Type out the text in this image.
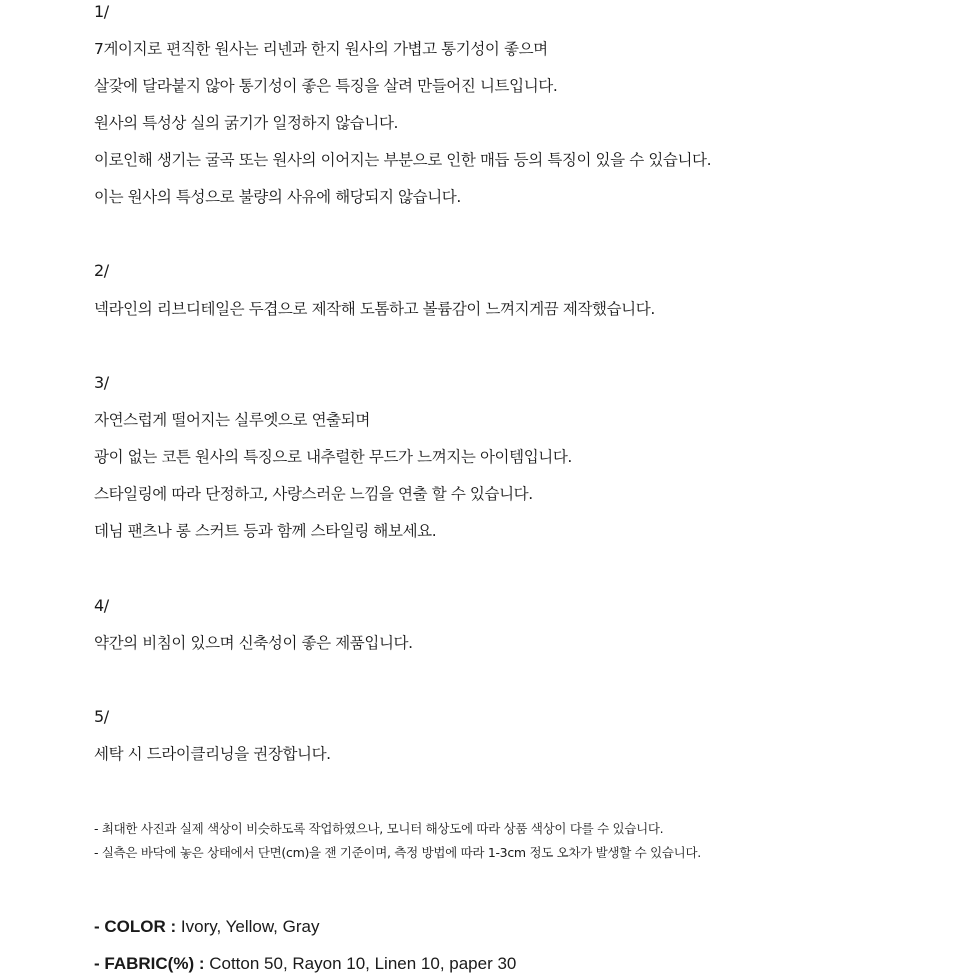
1/
7게이지로 편직한 원사는 리넨과 한지 원사의 가볍고 통기성이 좋으며
살갗에 달라붙지 않아 통기성이 좋은 특징을 살려 만들어진 니트입니다.
원사의 특성상 실의 굵기가 일정하지 않습니다.
이로인해 생기는 굴곡 또는 원사의 이어지는 부분으로 인한 매듭 등의 특징이 있을 수 있습니다.
이는 원사의 특성으로 불량의 사유에 해당되지 않습니다.
2/
넥라인의 리브디테일은 두겹으로 제작해 도톰하고 볼륨감이 느껴지게끔 제작했습니다.
3/
자연스럽게 떨어지는 실루엣으로 연출되며
광이 없는 코튼 원사의 특징으로 내추럴한 무드가 느껴지는 아이템입니다.
스타일링에 따라 단정하고, 사랑스러운 느낌을 연출 할 수 있습니다.
데님 팬츠나 롱 스커트 등과 함께 스타일링 해보세요.
4/
약간의 비침이 있으며 신축성이 좋은 제품입니다.
5/
세탁 시 드라이클리닝을 권장합니다.
- 최대한 사진과 실제 색상이 비슷하도록 작업하였으나, 모니터 해상도에 따라 상품 색상이 다를 수 있습니다.
- 실측은 바닥에 놓은 상태에서 단면(cm)을 잰 기준이며, 측정 방법에 따라 1-3cm 정도 오차가 발생할 수 있습니다.
- COLOR : Ivory, Yellow, Gray
- FABRIC(%) : Cotton 50, Rayon 10, Linen 10, paper 30
